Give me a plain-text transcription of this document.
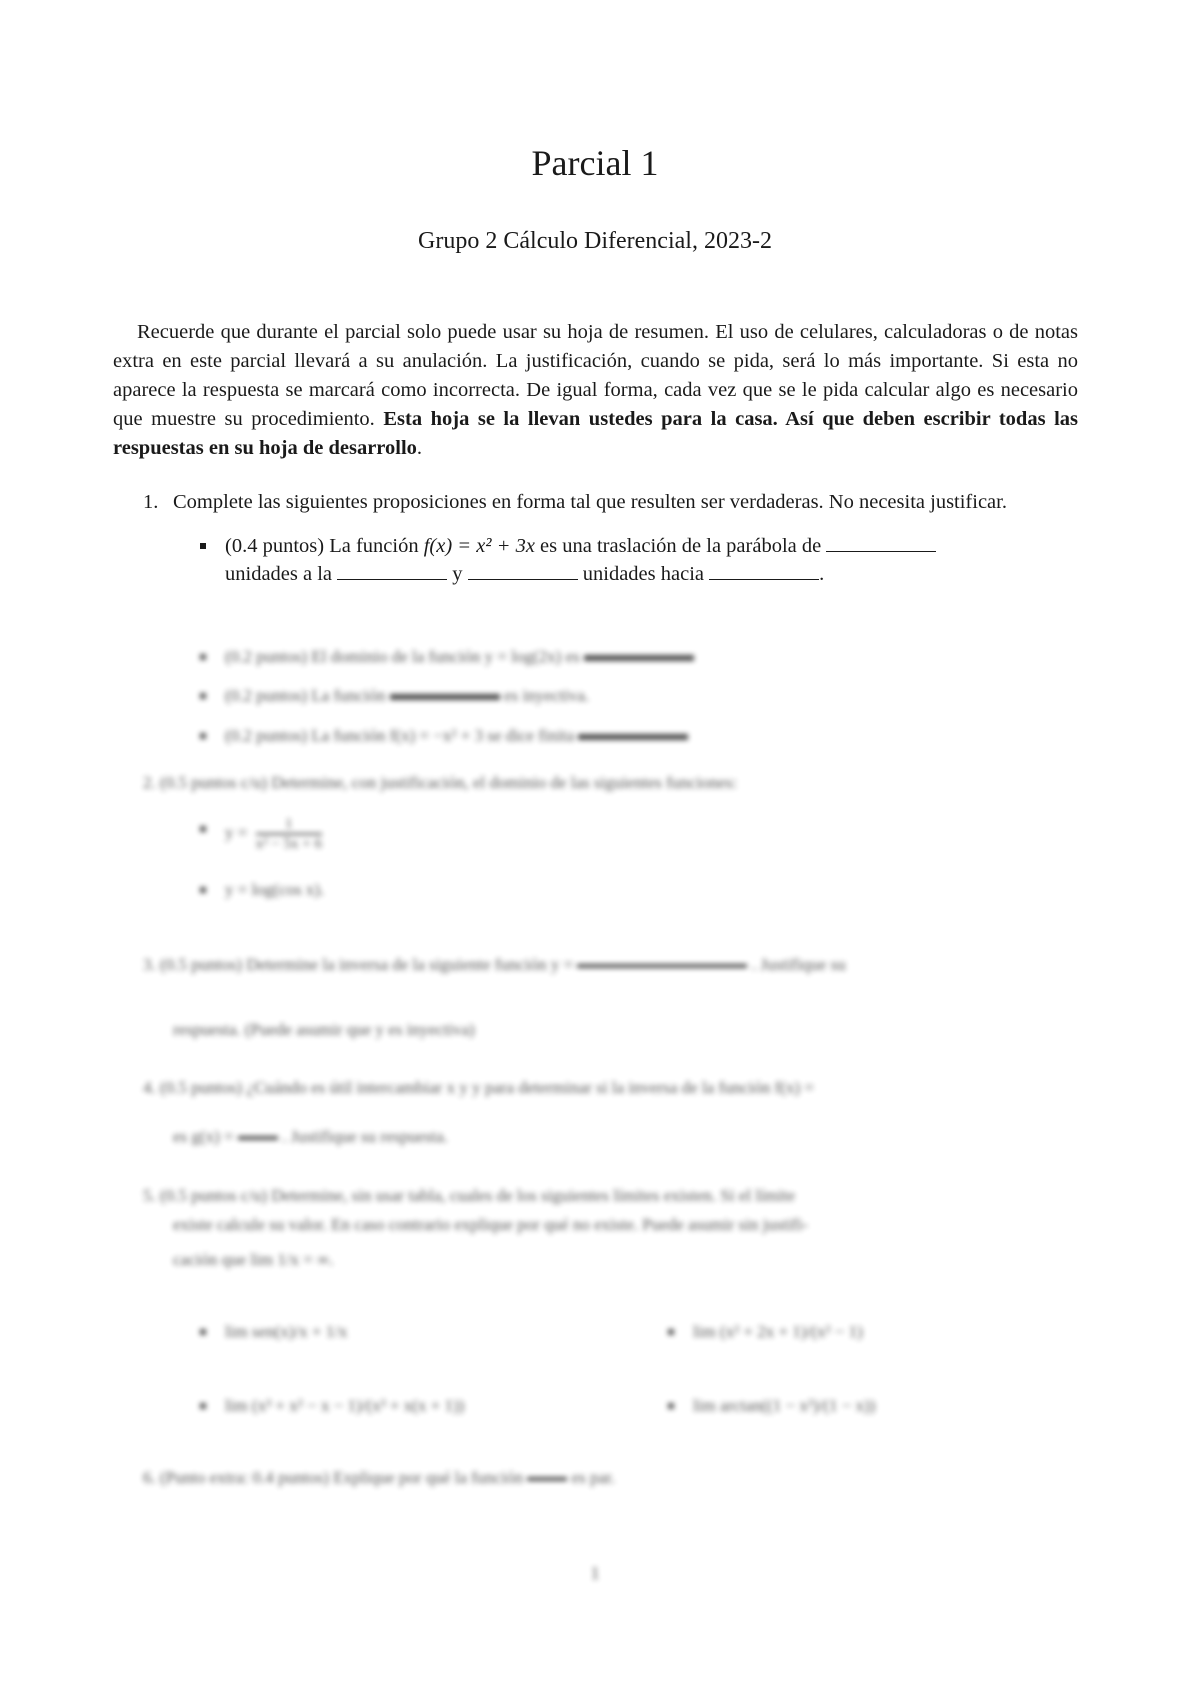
Parcial 1
Grupo 2 Cálculo Diferencial, 2023-2
Recuerde que durante el parcial solo puede usar su hoja de resumen. El uso de celulares, calculadoras o de notas extra en este parcial llevará a su anulación. La justificación, cuando se pida, será lo más importante. Si esta no aparece la respuesta se marcará como incorrecta. De igual forma, cada vez que se le pida calcular algo es necesario que muestre su procedimiento. Esta hoja se la llevan ustedes para la casa. Así que deben escribir todas las respuestas en su hoja de desarrollo.
1. Complete las siguientes proposiciones en forma tal que resulten ser verdaderas. No necesita justificar.
(0.4 puntos) La función f(x) = x² + 3x es una traslación de la parábola de
unidades a la	y	unidades hacia	.
(0.2 puntos) El dominio de la función y = log(2x) es
(0.2 puntos) La función	es inyectiva.
(0.2 puntos) La función f(x) = −x² + 3 se dice finita
2. (0.5 puntos c/u) Determine, con justificación, el dominio de las siguientes funciones:
$y = \frac{1}{\text{x² − 5x + 6}}$
y = log(cos x).
3. (0.5 puntos) Determine la inversa de la siguiente función y =	. Justifique su
respuesta. (Puede asumir que y es inyectiva)
4. (0.5 puntos) ¿Cuándo es útil intercambiar x y y para determinar si la inversa de la función f(x) =
es g(x) =	. Justifique su respuesta.
5. (0.5 puntos c/u) Determine, sin usar tabla, cuales de los siguientes límites existen. Si el límite
existe calcule su valor. En caso contrario explique por qué no existe. Puede asumir sin justifi-
cación que lim 1/x = ∞.
lim sen(x)/x + 1/x	lim (x² + 2x + 1)/(x² − 1)
lim (x³ + x² − x − 1)/(x³ + x(x + 1))	lim arctan((1 − x²)/(1 − x))
6. (Punto extra: 0.4 puntos) Explique por qué la función	es par.
1
